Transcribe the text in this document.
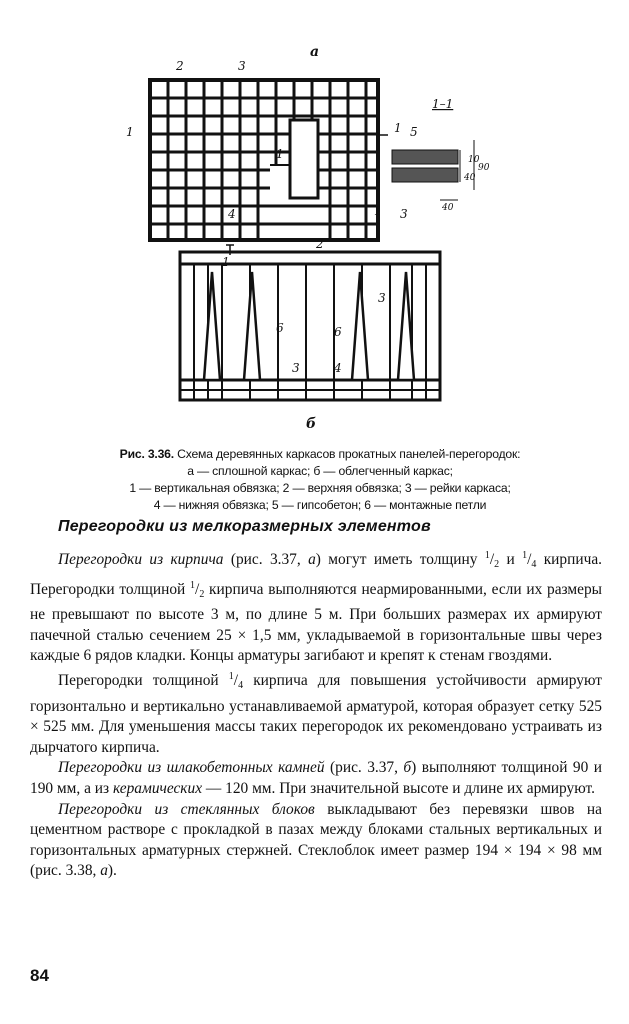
а
б
2	3
1
4	1
1
1
1
1–1
5
3
10
40
90
40
2
3
6	6
3	4
Рис. 3.36. Схема деревянных каркасов прокатных панелей-перегородок:
а — сплошной каркас; б — облегченный каркас;
1 — вертикальная обвязка; 2 — верхняя обвязка; 3 — рейки каркаса;
4 — нижняя обвязка; 5 — гипсобетон; 6 — монтажные петли
Перегородки из мелкоразмерных элементов

Перегородки из кирпича (рис. 3.37, а) могут иметь толщину $^1/_2$ и $^1/_4$ кирпича. Перегородки толщиной $^1/_2$ кирпича выполняются неармированными, если их размеры не превышают по высоте 3 м, по длине 5 м. При больших размерах их армируют пачечной сталью сечением 25 × 1,5 мм, укладываемой в горизонтальные швы через каждые 6 рядов кладки. Концы арматуры загибают и крепят к стенам гвоздями.

Перегородки толщиной $^1/_4$ кирпича для повышения устойчивости армируют горизонтально и вертикально устанавливаемой арматурой, которая образует сетку 525 × 525 мм. Для уменьшения массы таких перегородок их рекомендовано устраивать из дырчатого кирпича.

Перегородки из шлакобетонных камней (рис. 3.37, б) выполняют толщиной 90 и 190 мм, а из керамических — 120 мм. При значительной высоте и длине их армируют.

Перегородки из стеклянных блоков выкладывают без перевязки швов на цементном растворе с прокладкой в пазах между блоками стальных вертикальных и горизонтальных арматурных стержней. Стеклоблок имеет размер 194 × 194 × 98 мм (рис. 3.38, а).

84
